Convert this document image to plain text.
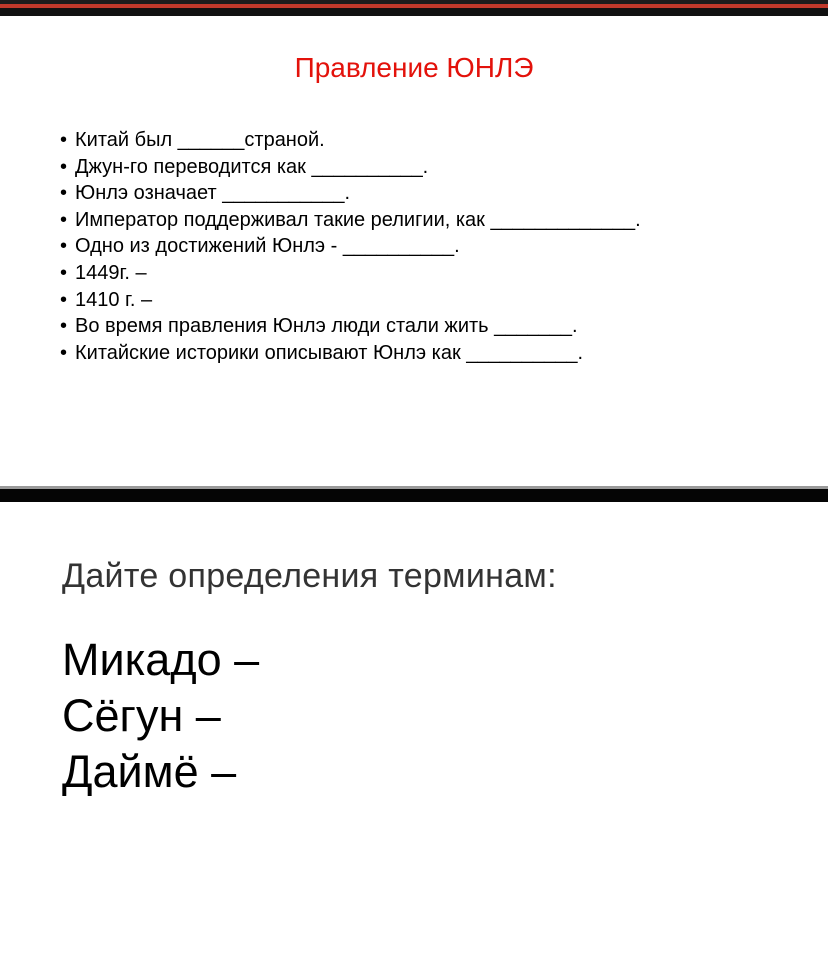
Правление ЮНЛЭ
• Китай был ______страной.
• Джун-го переводится как __________.
• Юнлэ означает ___________.
• Император поддерживал такие религии, как _____________.
• Одно из достижений Юнлэ - __________.
• 1449г. –
• 1410 г. –
• Во время правления Юнлэ люди стали жить _______.
• Китайские историки описывают Юнлэ как __________.
Дайте определения терминам:
Микадо –
Сёгун –
Даймё –
